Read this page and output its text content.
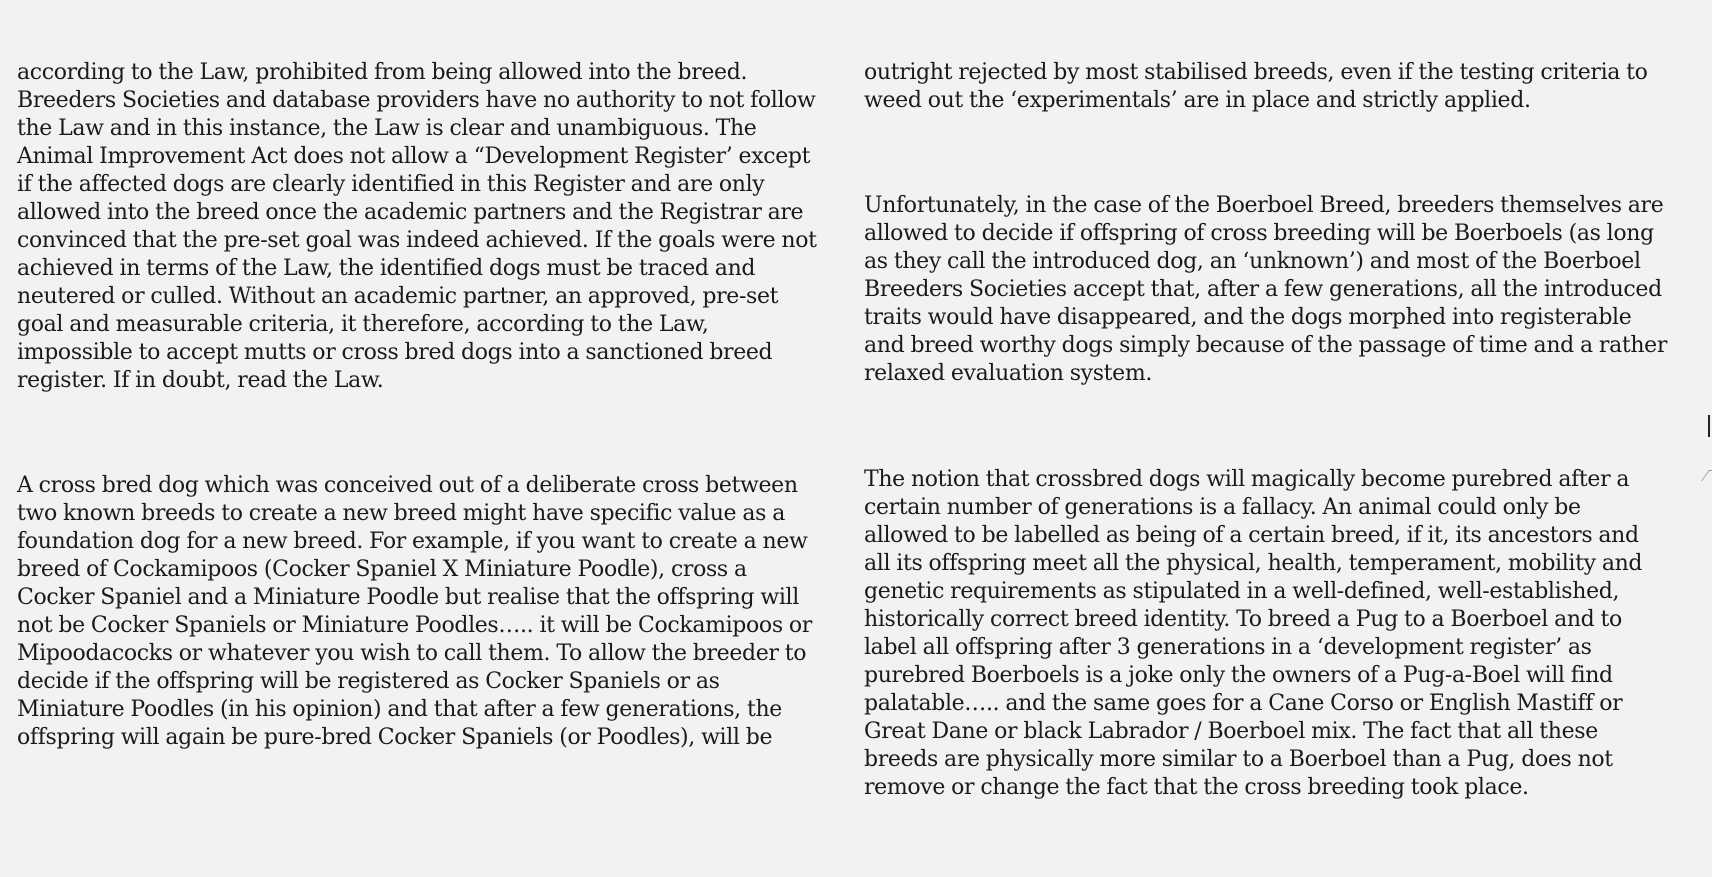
according to the Law, prohibited from being allowed into the breed.
Breeders Societies and database providers have no authority to not follow
the Law and in this instance, the Law is clear and unambiguous. The
Animal Improvement Act does not allow a “Development Register’ except
if the affected dogs are clearly identified in this Register and are only
allowed into the breed once the academic partners and the Registrar are
convinced that the pre-set goal was indeed achieved. If the goals were not
achieved in terms of the Law, the identified dogs must be traced and
neutered or culled. Without an academic partner, an approved, pre-set
goal and measurable criteria, it therefore, according to the Law,
impossible to accept mutts or cross bred dogs into a sanctioned breed
register. If in doubt, read the Law.

A cross bred dog which was conceived out of a deliberate cross between
two known breeds to create a new breed might have specific value as a
foundation dog for a new breed. For example, if you want to create a new
breed of Cockamipoos (Cocker Spaniel X Miniature Poodle), cross a
Cocker Spaniel and a Miniature Poodle but realise that the offspring will
not be Cocker Spaniels or Miniature Poodles….. it will be Cockamipoos or
Mipoodacocks or whatever you wish to call them. To allow the breeder to
decide if the offspring will be registered as Cocker Spaniels or as
Miniature Poodles (in his opinion) and that after a few generations, the
offspring will again be pure-bred Cocker Spaniels (or Poodles), will be

outright rejected by most stabilised breeds, even if the testing criteria to
weed out the ‘experimentals’ are in place and strictly applied.

Unfortunately, in the case of the Boerboel Breed, breeders themselves are
allowed to decide if offspring of cross breeding will be Boerboels (as long
as they call the introduced dog, an ‘unknown’) and most of the Boerboel
Breeders Societies accept that, after a few generations, all the introduced
traits would have disappeared, and the dogs morphed into registerable
and breed worthy dogs simply because of the passage of time and a rather
relaxed evaluation system.

The notion that crossbred dogs will magically become purebred after a
certain number of generations is a fallacy. An animal could only be
allowed to be labelled as being of a certain breed, if it, its ancestors and
all its offspring meet all the physical, health, temperament, mobility and
genetic requirements as stipulated in a well-defined, well-established,
historically correct breed identity. To breed a Pug to a Boerboel and to
label all offspring after 3 generations in a ‘development register’ as
purebred Boerboels is a joke only the owners of a Pug-a-Boel will find
palatable….. and the same goes for a Cane Corso or English Mastiff or
Great Dane or black Labrador / Boerboel mix. The fact that all these
breeds are physically more similar to a Boerboel than a Pug, does not
remove or change the fact that the cross breeding took place.
